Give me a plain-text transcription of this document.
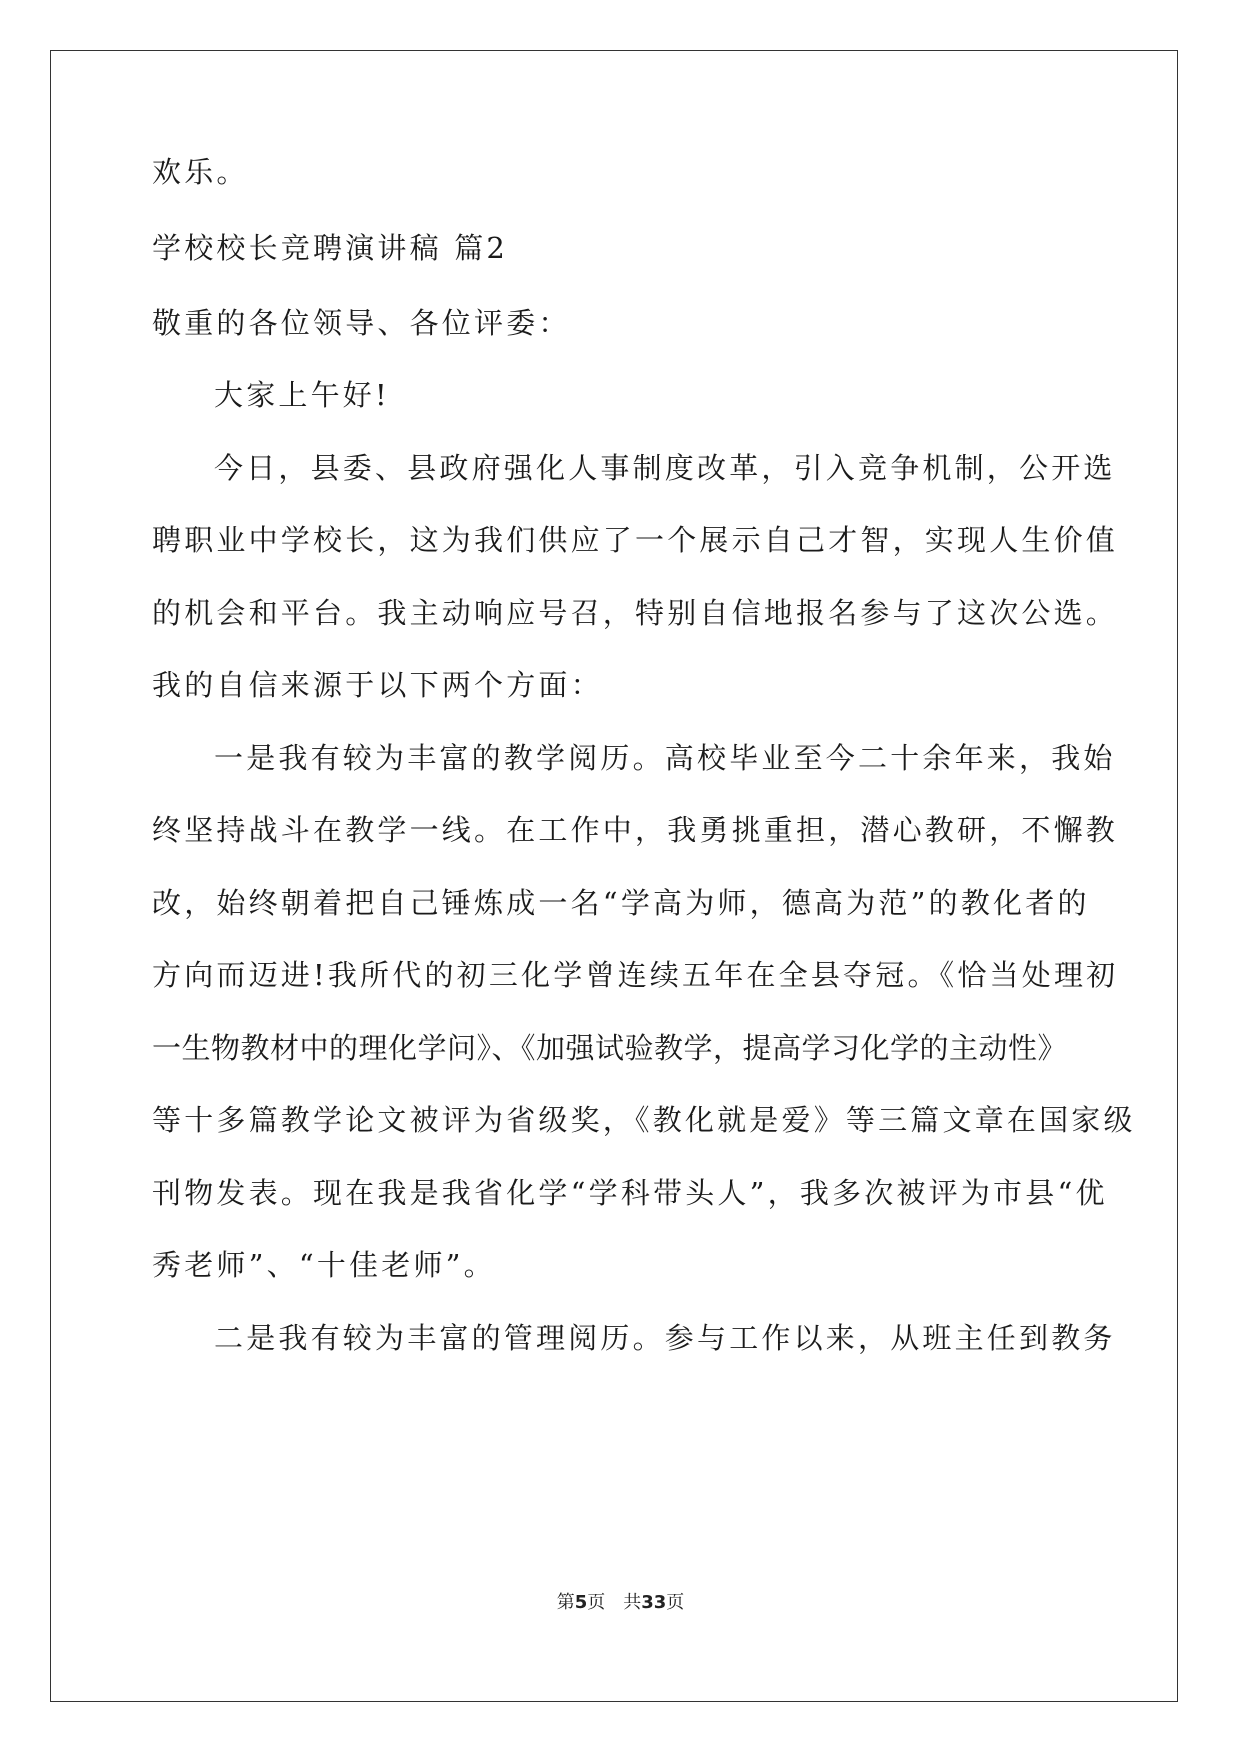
欢乐。
学校校长竞聘演讲稿 篇2
敬重的各位领导、各位评委：
大家上午好!
今日，县委、县政府强化人事制度改革，引入竞争机制，公开选
聘职业中学校长，这为我们供应了一个展示自己才智，实现人生价值
的机会和平台。我主动响应号召，特别自信地报名参与了这次公选。
我的自信来源于以下两个方面：
一是我有较为丰富的教学阅历。高校毕业至今二十余年来，我始
终坚持战斗在教学一线。在工作中，我勇挑重担，潜心教研，不懈教
改，始终朝着把自己锤炼成一名“学高为师，德高为范”的教化者的
方向而迈进!我所代的初三化学曾连续五年在全县夺冠。《恰当处理初
一生物教材中的理化学问》、《加强试验教学，提高学习化学的主动性》
等十多篇教学论文被评为省级奖，《教化就是爱》等三篇文章在国家级
刊物发表。现在我是我省化学“学科带头人”，我多次被评为市县“优
秀老师”、“十佳老师”。
二是我有较为丰富的管理阅历。参与工作以来，从班主任到教务
第5页　共33页
